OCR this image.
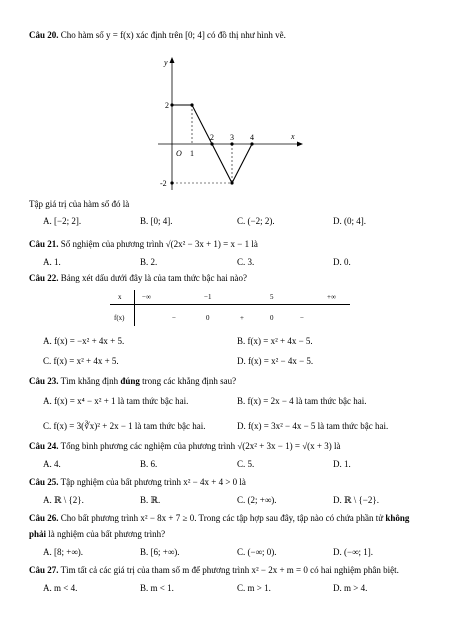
Câu 20. Cho hàm số y = f(x) xác định trên [0; 4] có đồ thị như hình vẽ.
y
x
O
2
-2
1
2 3 4
Tập giá trị của hàm số đó là
A. [−2; 2].	B. [0; 4].	C. (−2; 2).	D. (0; 4].
Câu 21. Số nghiệm của phương trình √(2x² − 3x + 1) = x − 1 là
A. 1.	B. 2.	C. 3.	D. 0.
Câu 22. Bảng xét dấu dưới đây là của tam thức bậc hai nào?
x	−∞	−1	5	+∞
f(x)	−	0	+	0	−
A. f(x) = −x² + 4x + 5.	B. f(x) = x² + 4x − 5.
C. f(x) = x² + 4x + 5.	D. f(x) = x² − 4x − 5.
Câu 23. Tìm khẳng định đúng trong các khẳng định sau?
A. f(x) = x⁴ − x² + 1 là tam thức bậc hai.	B. f(x) = 2x − 4 là tam thức bậc hai.
C. f(x) = 3(∛x)² + 2x − 1 là tam thức bậc hai.	D. f(x) = 3x² − 4x − 5 là tam thức bậc hai.
Câu 24. Tổng bình phương các nghiệm của phương trình √(2x² + 3x − 1) = √(x + 3) là
A. 4.	B. 6.	C. 5.	D. 1.
Câu 25. Tập nghiệm của bất phương trình x² − 4x + 4 > 0 là
A. ℝ \ {2}.	B. ℝ.	C. (2; +∞).	D. ℝ \ {−2}.
Câu 26. Cho bất phương trình x² − 8x + 7 ≥ 0. Trong các tập hợp sau đây, tập nào có chứa phần tử không
phải là nghiệm của bất phương trình?
A. [8; +∞).	B. [6; +∞).	C. (−∞; 0).	D. (−∞; 1].
Câu 27. Tìm tất cả các giá trị của tham số m để phương trình x² − 2x + m = 0 có hai nghiệm phân biệt.
A. m < 4.	B. m < 1.	C. m > 1.	D. m > 4.
